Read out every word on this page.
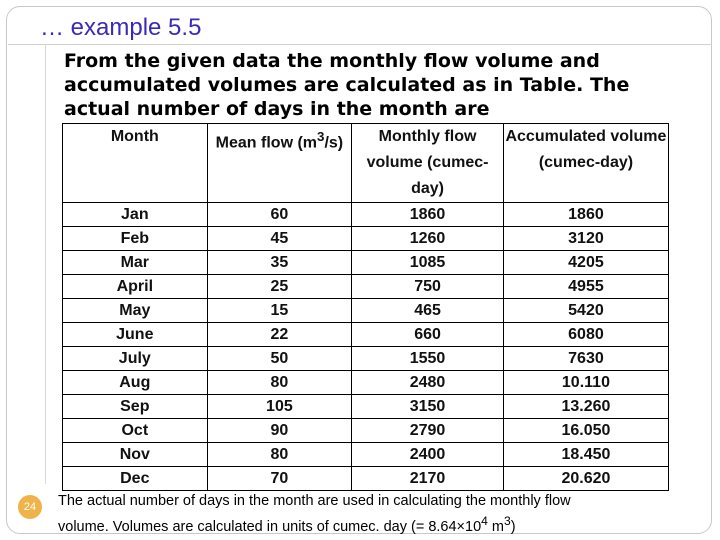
… example 5.5
From the given data the monthly flow volume and accumulated volumes are calculated as in Table. The actual number of days in the month are
Month	Mean flow $(m^3/s)$	Monthly flow volume (cumec-day)	Accumulated volume (cumec-day)
Jan	60	1860	1860
Feb	45	1260	3120
Mar	35	1085	4205
April	25	750	4955
May	15	465	5420
June	22	660	6080
July	50	1550	7630
Aug	80	2480	10.110
Sep	105	3150	13.260
Oct	90	2790	16.050
Nov	80	2400	18.450
Dec	70	2170	20.620
The actual number of days in the month are used in calculating the monthly flow
volume. Volumes are calculated in units of cumec. day (= $8.64\times 10^4$ $m^3$)
24
